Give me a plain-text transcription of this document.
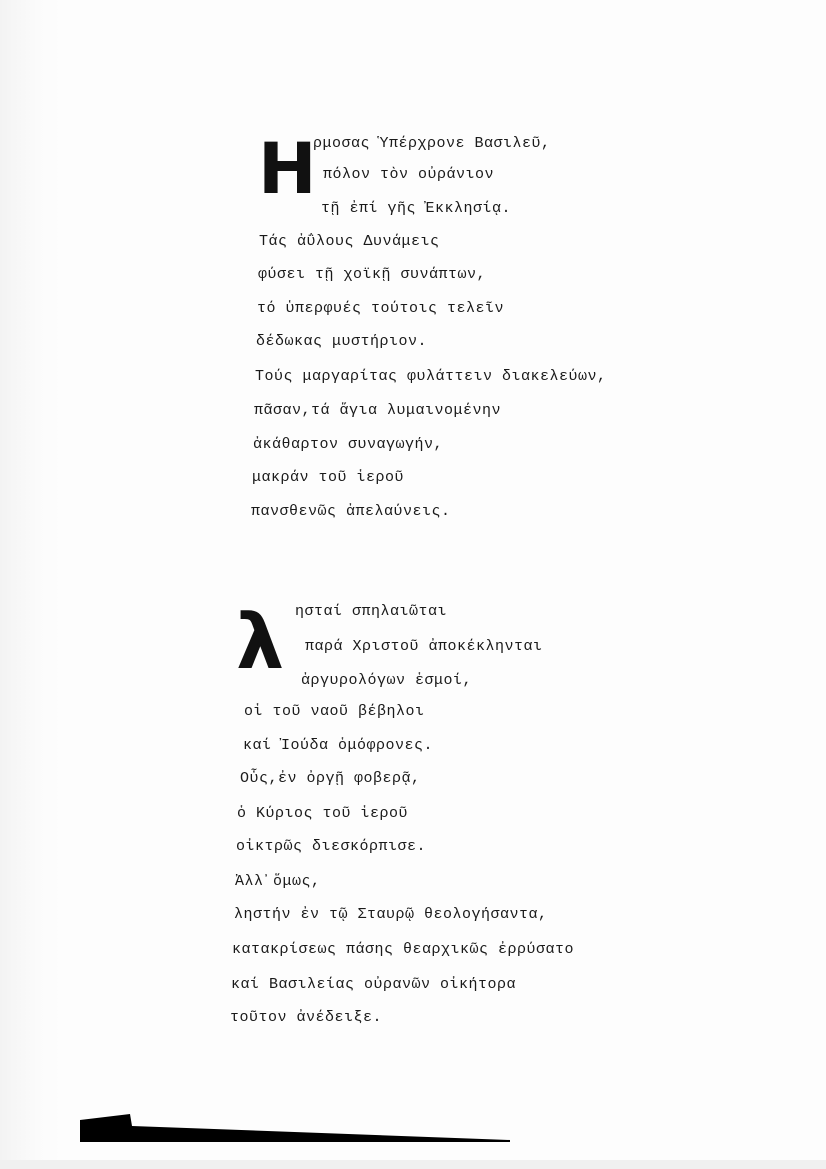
Η
ρμοσας Ὑπέρχρονε Βασιλεῦ,
πόλον τὸν οὐράνιον
τῇ ἐπί γῆς Ἐκκλησίᾳ.
Τάς ἀΰλους Δυνάμεις
φύσει τῇ χοϊκῇ συνάπτων,
τό ὑπερφυές τούτοις τελεῖν
δέδωκας μυστήριον.
Τούς μαργαρίτας φυλάττειν διακελεύων,
πᾶσαν,τά ἅγια λυμαινομένην
ἀκάθαρτον συναγωγήν,
μακράν τοῦ ἱεροῦ
πανσθενῶς ἀπελαύνεις.
λ ησταί σπηλαιῶται
παρά Χριστοῦ ἀποκέκληνται
ἀργυρολόγων ἑσμοί,
οἱ τοῦ ναοῦ βέβηλοι
καί Ἰούδα ὁμόφρονες.
Οὗς,ἐν ὀργῇ φοβερᾷ,
ὁ Κύριος τοῦ ἱεροῦ
οἰκτρῶς διεσκόρπισε.
Ἀλλ᾽ὅμως,
ληστήν ἐν τῷ Σταυρῷ θεολογήσαντα,
κατακρίσεως πάσης θεαρχικῶς ἐρρύσατο
καί Βασιλείας οὐρανῶν οἰκήτορα
τοῦτον ἀνέδειξε.
